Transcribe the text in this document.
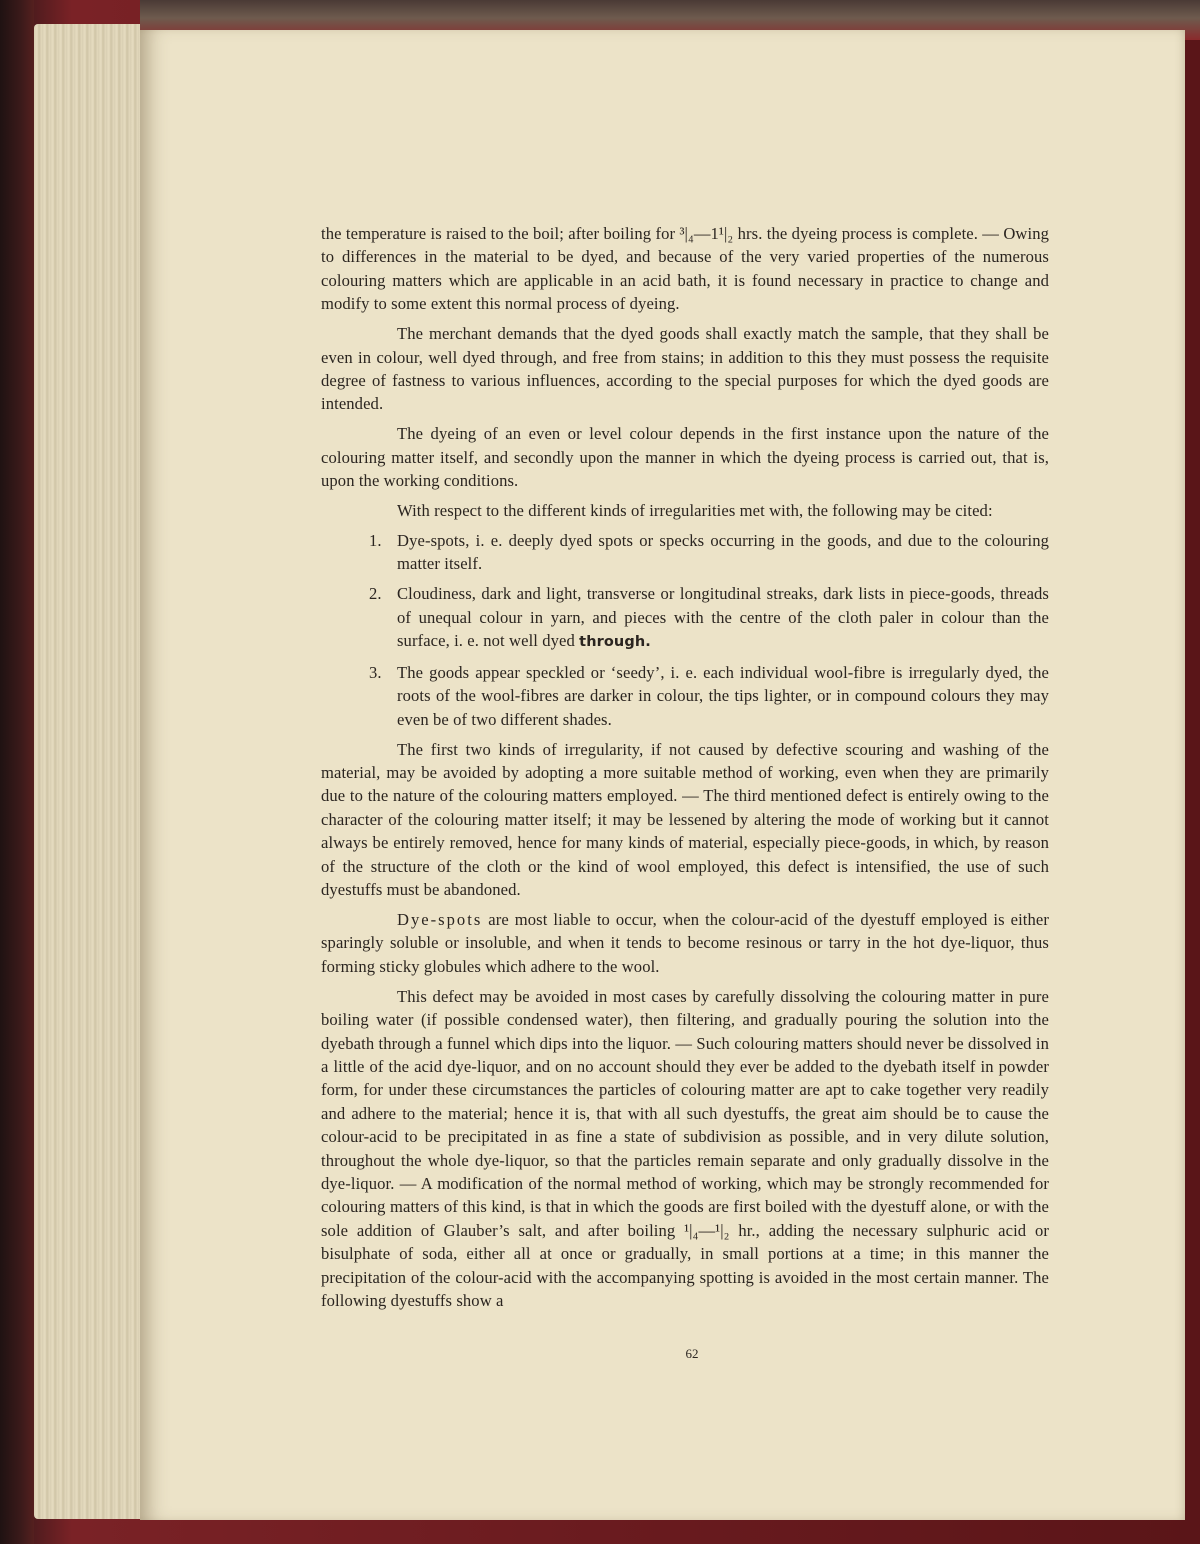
the temperature is raised to the boil; after boiling for ³|₄—1¹|₂ hrs. the dyeing process is complete. — Owing to differences in the material to be dyed, and because of the very varied properties of the numerous colouring matters which are applicable in an acid bath, it is found necessary in practice to change and modify to some extent this normal process of dyeing.

The merchant demands that the dyed goods shall exactly match the sample, that they shall be even in colour, well dyed through, and free from stains; in addition to this they must possess the requisite degree of fastness to various influences, according to the special purposes for which the dyed goods are intended.

The dyeing of an even or level colour depends in the first instance upon the nature of the colouring matter itself, and secondly upon the manner in which the dyeing process is carried out, that is, upon the working conditions.

With respect to the different kinds of irregularities met with, the following may be cited:

1. Dye-spots, i. e. deeply dyed spots or specks occurring in the goods, and due to the colouring matter itself.
2. Cloudiness, dark and light, transverse or longitudinal streaks, dark lists in piece-goods, threads of unequal colour in yarn, and pieces with the centre of the cloth paler in colour than the surface, i. e. not well dyed through.
3. The goods appear speckled or ‘seedy’, i. e. each individual wool-fibre is irregularly dyed, the roots of the wool-fibres are darker in colour, the tips lighter, or in compound colours they may even be of two different shades.

The first two kinds of irregularity, if not caused by defective scouring and washing of the material, may be avoided by adopting a more suitable method of working, even when they are primarily due to the nature of the colouring matters employed. — The third mentioned defect is entirely owing to the character of the colouring matter itself; it may be lessened by altering the mode of working but it cannot always be entirely removed, hence for many kinds of material, especially piece-goods, in which, by reason of the structure of the cloth or the kind of wool employed, this defect is intensified, the use of such dyestuffs must be abandoned.

Dye-spots are most liable to occur, when the colour-acid of the dyestuff employed is either sparingly soluble or insoluble, and when it tends to become resinous or tarry in the hot dye-liquor, thus forming sticky globules which adhere to the wool.

This defect may be avoided in most cases by carefully dissolving the colouring matter in pure boiling water (if possible condensed water), then filtering, and gradually pouring the solution into the dyebath through a funnel which dips into the liquor. — Such colouring matters should never be dissolved in a little of the acid dye-liquor, and on no account should they ever be added to the dyebath itself in powder form, for under these circumstances the particles of colouring matter are apt to cake together very readily and adhere to the material; hence it is, that with all such dyestuffs, the great aim should be to cause the colour-acid to be precipitated in as fine a state of subdivision as possible, and in very dilute solution, throughout the whole dye-liquor, so that the particles remain separate and only gradually dissolve in the dye-liquor. — A modification of the normal method of working, which may be strongly recommended for colouring matters of this kind, is that in which the goods are first boiled with the dyestuff alone, or with the sole addition of Glauber’s salt, and after boiling ¹|₄—¹|₂ hr., adding the necessary sulphuric acid or bisulphate of soda, either all at once or gradually, in small portions at a time; in this manner the precipitation of the colour-acid with the accompanying spotting is avoided in the most certain manner. The following dyestuffs show a

62
